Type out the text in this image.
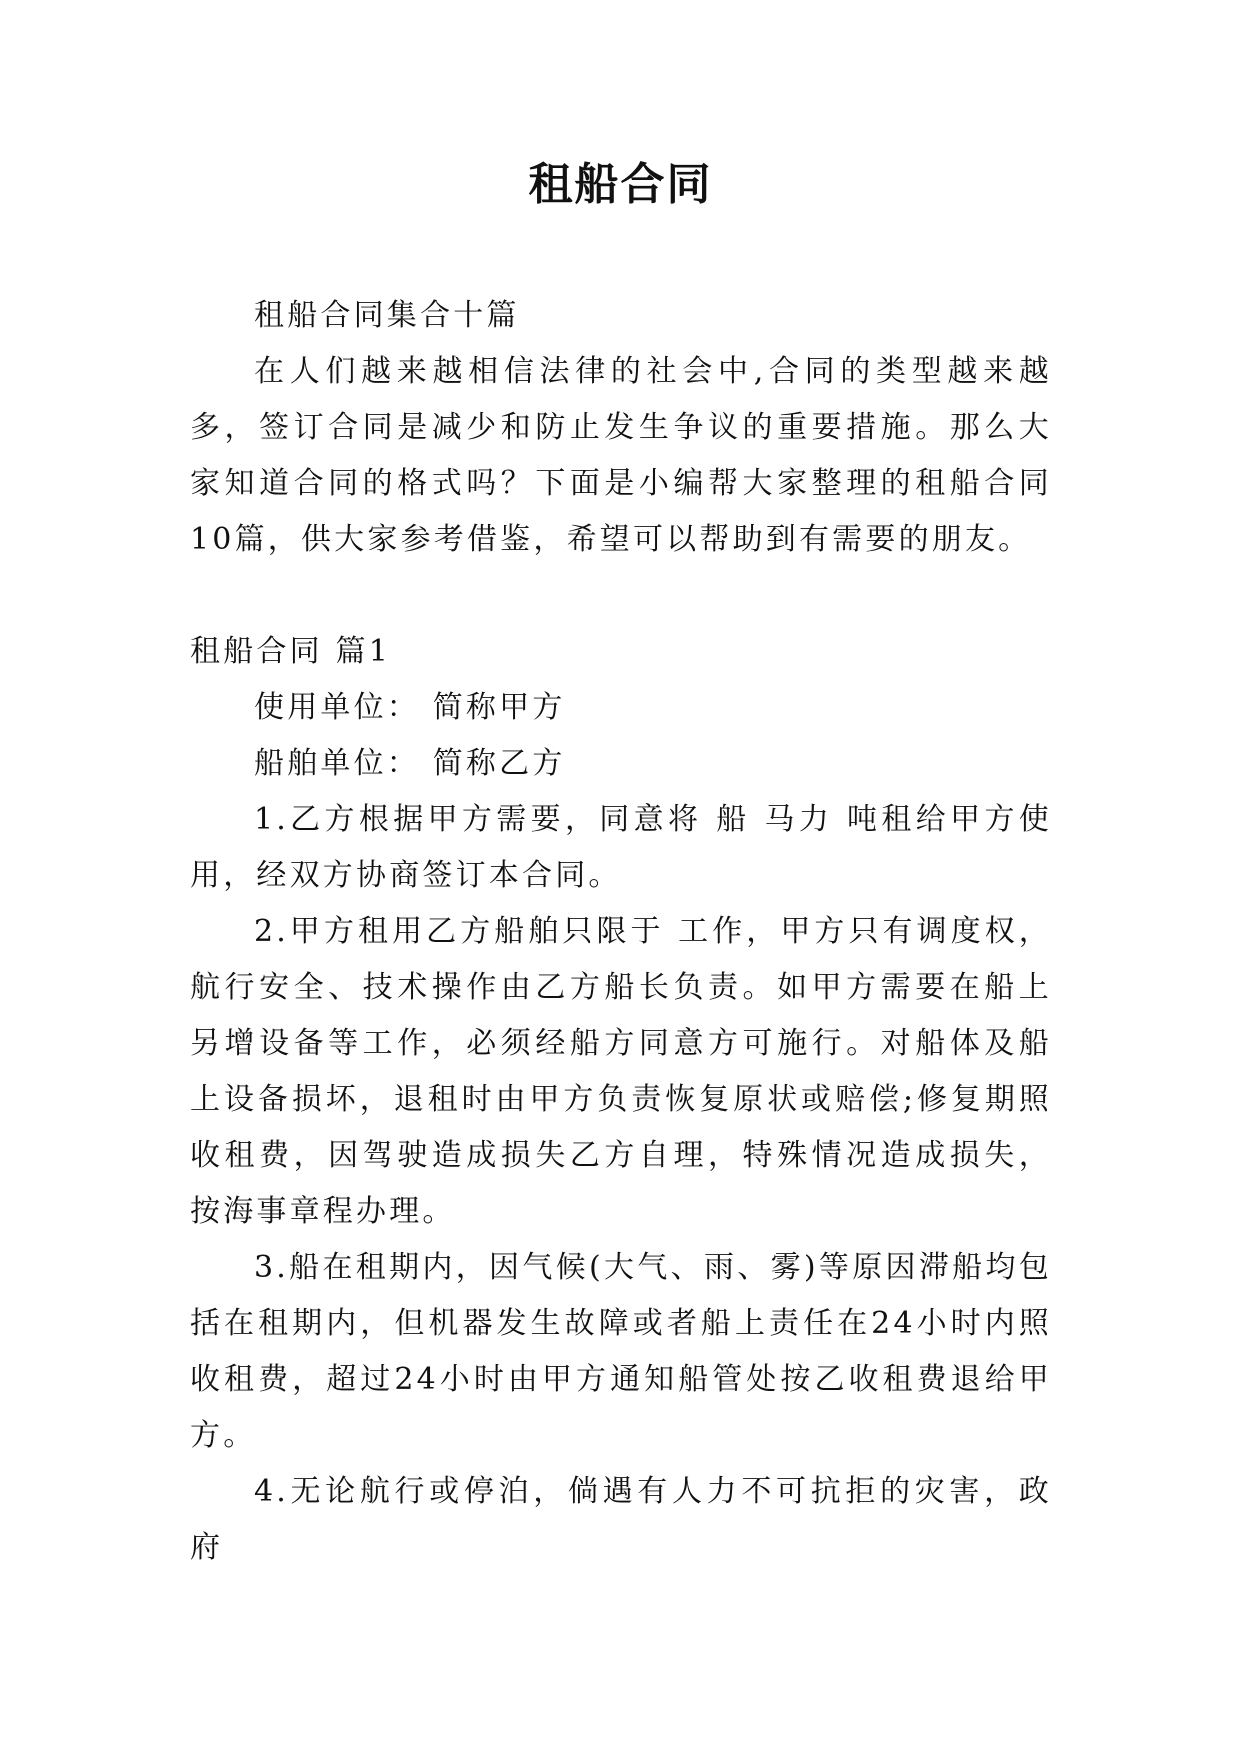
租船合同

租船合同集合十篇

在人们越来越相信法律的社会中,合同的类型越来越多，签订合同是减少和防止发生争议的重要措施。那么大家知道合同的格式吗？下面是小编帮大家整理的租船合同10篇，供大家参考借鉴，希望可以帮助到有需要的朋友。

租船合同 篇1

使用单位： 简称甲方

船舶单位： 简称乙方

1.乙方根据甲方需要，同意将 船 马力 吨租给甲方使用，经双方协商签订本合同。

2.甲方租用乙方船舶只限于 工作，甲方只有调度权，航行安全、技术操作由乙方船长负责。如甲方需要在船上另增设备等工作，必须经船方同意方可施行。对船体及船上设备损坏，退租时由甲方负责恢复原状或赔偿;修复期照收租费，因驾驶造成损失乙方自理，特殊情况造成损失，按海事章程办理。

3.船在租期内，因气候(大气、雨、雾)等原因滞船均包括在租期内，但机器发生故障或者船上责任在24小时内照收租费，超过24小时由甲方通知船管处按乙收租费退给甲方。

4.无论航行或停泊，倘遇有人力不可抗拒的灾害，政府
